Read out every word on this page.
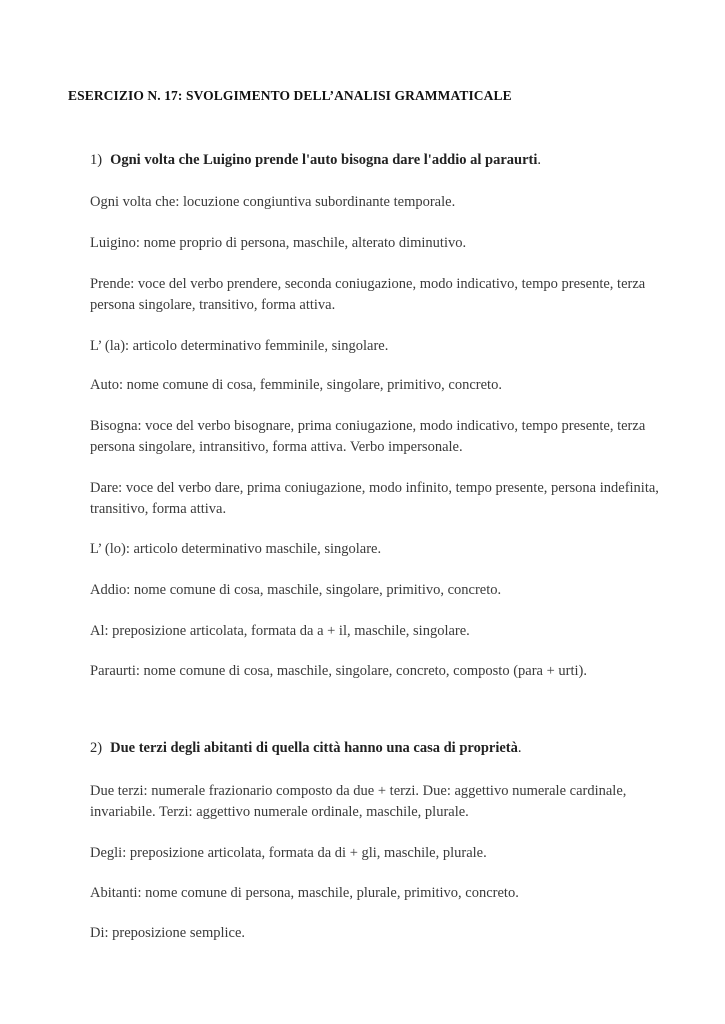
ESERCIZIO N. 17: SVOLGIMENTO DELL’ANALISI GRAMMATICALE
1) Ogni volta che Luigino prende l'auto bisogna dare l'addio al paraurti.
Ogni volta che: locuzione congiuntiva subordinante temporale.
Luigino: nome proprio di persona, maschile, alterato diminutivo.
Prende: voce del verbo prendere, seconda coniugazione, modo indicativo, tempo presente, terza persona singolare, transitivo, forma attiva.
L’ (la): articolo determinativo femminile, singolare.
Auto: nome comune di cosa, femminile, singolare, primitivo, concreto.
Bisogna: voce del verbo bisognare, prima coniugazione, modo indicativo, tempo presente, terza persona singolare, intransitivo, forma attiva. Verbo impersonale.
Dare: voce del verbo dare, prima coniugazione, modo infinito, tempo presente, persona indefinita, transitivo, forma attiva.
L’ (lo): articolo determinativo maschile, singolare.
Addio: nome comune di cosa, maschile, singolare, primitivo, concreto.
Al: preposizione articolata, formata da a + il, maschile, singolare.
Paraurti: nome comune di cosa, maschile, singolare, concreto, composto (para + urti).
2) Due terzi degli abitanti di quella città hanno una casa di proprietà.
Due terzi: numerale frazionario composto da due + terzi. Due: aggettivo numerale cardinale, invariabile. Terzi: aggettivo numerale ordinale, maschile, plurale.
Degli: preposizione articolata, formata da di + gli, maschile, plurale.
Abitanti: nome comune di persona, maschile, plurale, primitivo, concreto.
Di: preposizione semplice.
